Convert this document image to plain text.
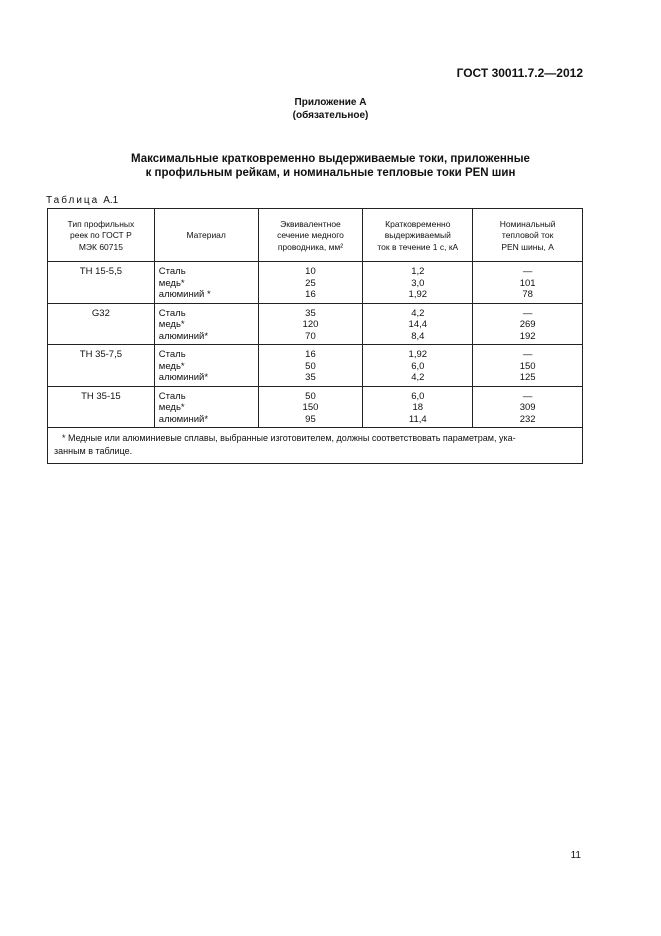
ГОСТ 30011.7.2—2012
Приложение А
(обязательное)
Максимальные кратковременно выдерживаемые токи, приложенные
к профильным рейкам, и номинальные тепловые токи PEN шин
Таблица А.1
Тип профильных
реек по ГОСТ Р
МЭК 60715	Материал	Эквивалентное
сечение медного
проводника, мм²	Кратковременно
выдерживаемый
ток в течение 1 с, кА	Номинальный
тепловой ток
PEN шины, А

ТН 15-5,5	Сталь
медь*
алюминий *	10
25
16	1,2
3,0
1,92	—
101
78

G32	Сталь
медь*
алюминий*	35
120
70	4,2
14,4
8,4	—
269
192

ТН 35-7,5	Сталь
медь*
алюминий*	16
50
35	1,92
6,0
4,2	—
150
125

ТН 35-15	Сталь
медь*
алюминий*	50
150
95	6,0
18
11,4	—
309
232

* Медные или алюминиевые сплавы, выбранные изготовителем, должны соответствовать параметрам, ука-
занным в таблице.				
11
